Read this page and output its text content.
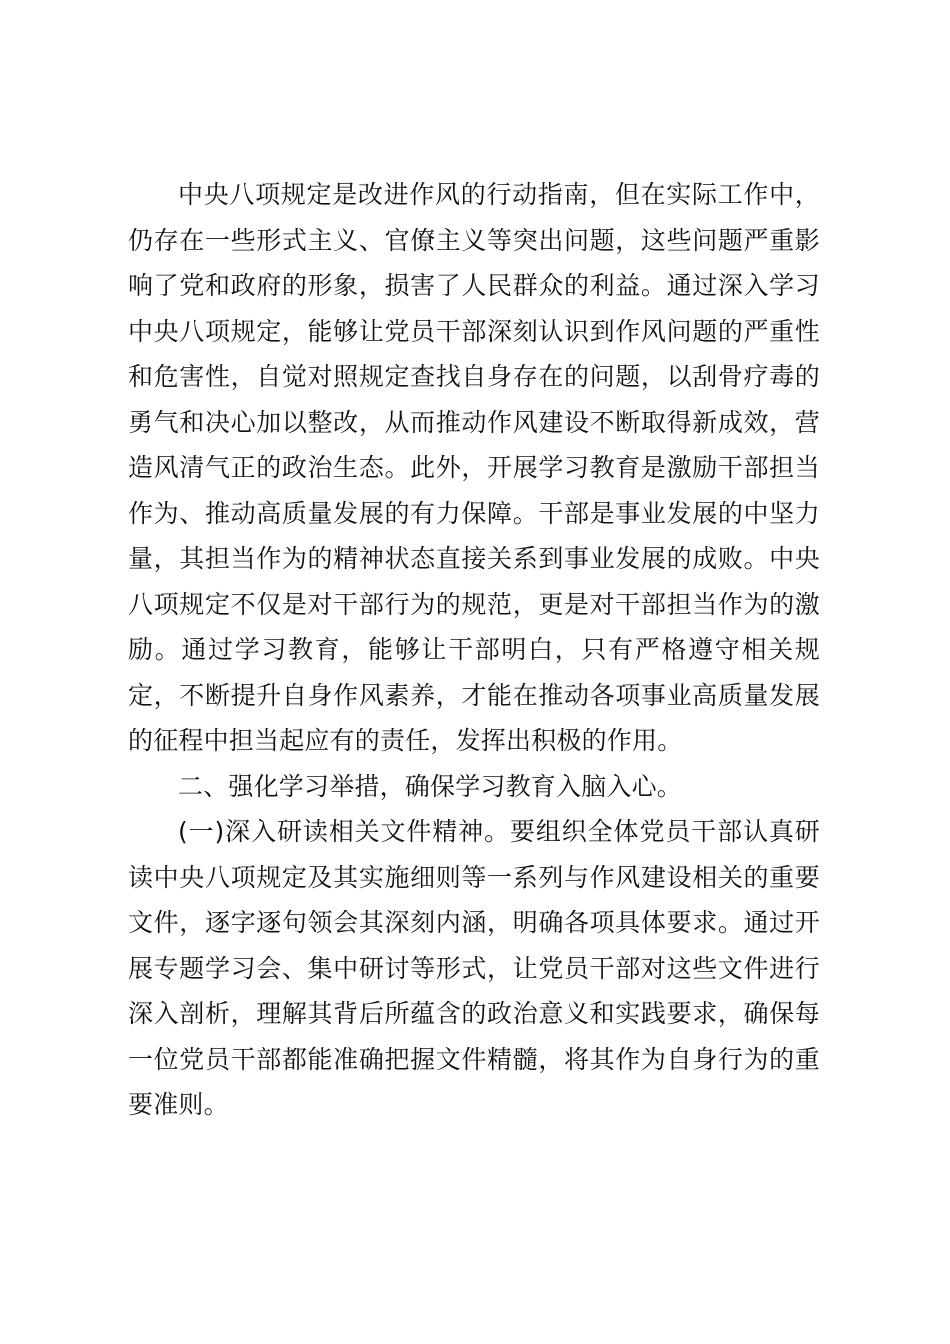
中央八项规定是改进作风的行动指南，但在实际工作中，仍存在一些形式主义、官僚主义等突出问题，这些问题严重影响了党和政府的形象，损害了人民群众的利益。通过深入学习中央八项规定，能够让党员干部深刻认识到作风问题的严重性和危害性，自觉对照规定查找自身存在的问题，以刮骨疗毒的勇气和决心加以整改，从而推动作风建设不断取得新成效，营造风清气正的政治生态。此外，开展学习教育是激励干部担当作为、推动高质量发展的有力保障。干部是事业发展的中坚力量，其担当作为的精神状态直接关系到事业发展的成败。中央八项规定不仅是对干部行为的规范，更是对干部担当作为的激励。通过学习教育，能够让干部明白，只有严格遵守相关规定，不断提升自身作风素养，才能在推动各项事业高质量发展的征程中担当起应有的责任，发挥出积极的作用。

二、强化学习举措，确保学习教育入脑入心。

(一)深入研读相关文件精神。要组织全体党员干部认真研读中央八项规定及其实施细则等一系列与作风建设相关的重要文件，逐字逐句领会其深刻内涵，明确各项具体要求。通过开展专题学习会、集中研讨等形式，让党员干部对这些文件进行深入剖析，理解其背后所蕴含的政治意义和实践要求，确保每一位党员干部都能准确把握文件精髓，将其作为自身行为的重要准则。
